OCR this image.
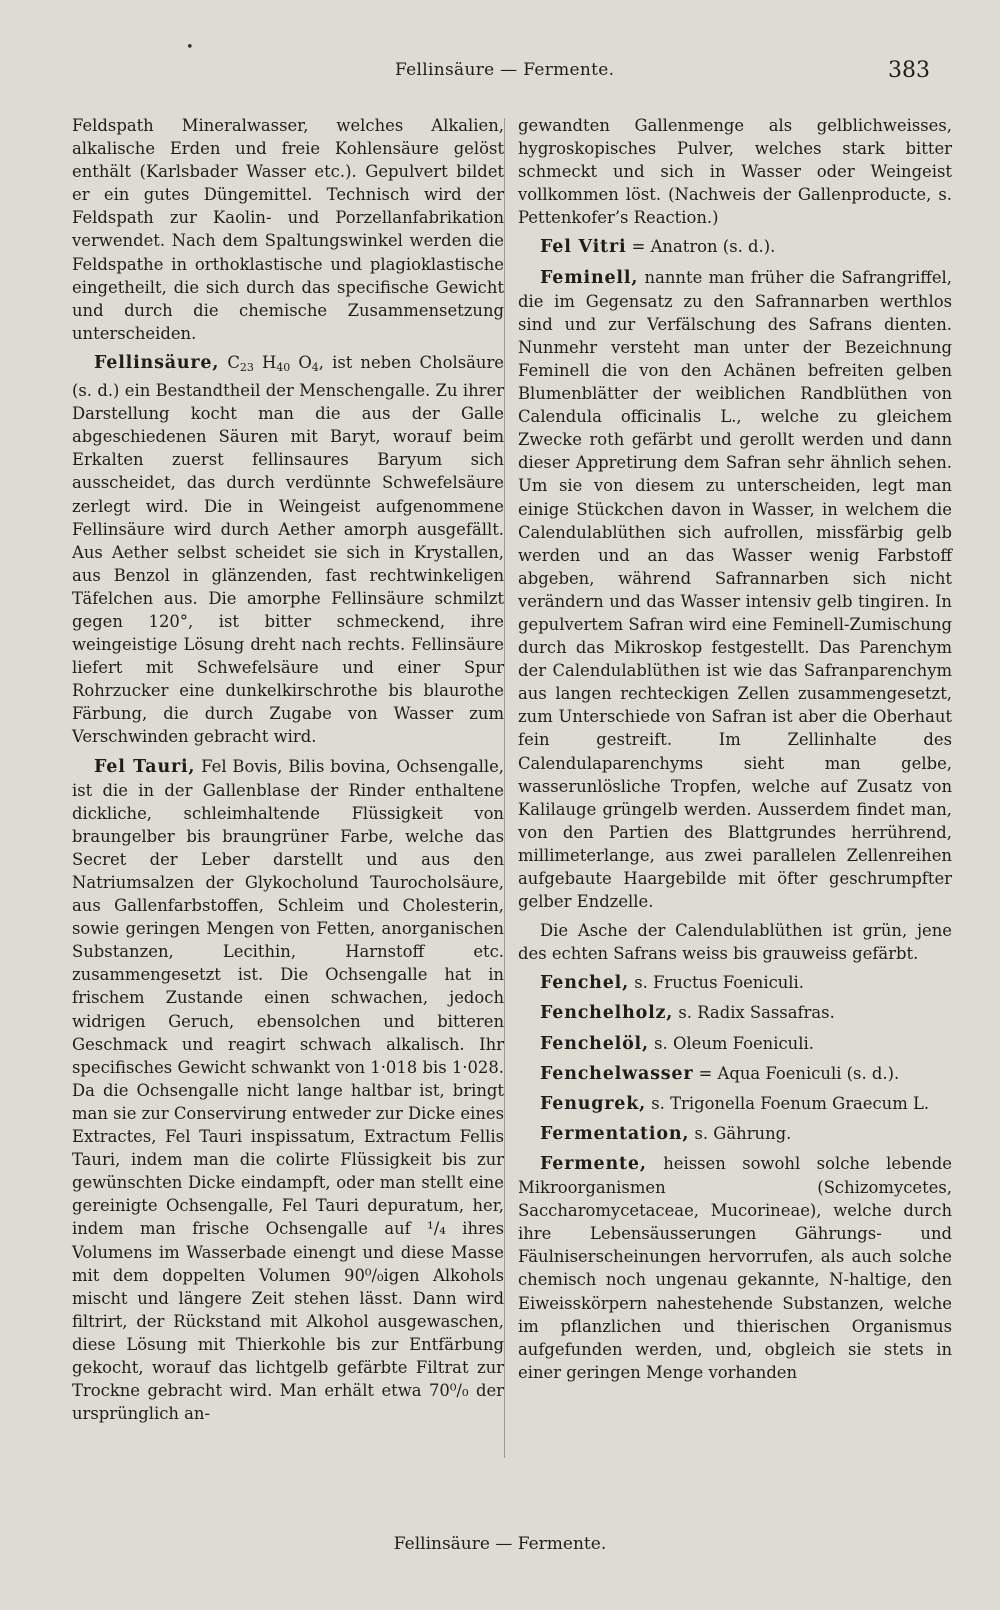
•
Fellinsäure — Fermente.	383

Feldspath Mineralwasser, welches Alkalien, alkalische Erden und freie Kohlensäure gelöst enthält (Karlsbader Wasser etc.). Gepulvert bildet er ein gutes Düngemittel. Technisch wird der Feldspath zur Kaolin- und Porzellanfabrikation verwendet. Nach dem Spaltungswinkel werden die Feldspathe in orthoklastische und plagioklastische eingetheilt, die sich durch das specifische Gewicht und durch die chemische Zusammensetzung unterscheiden.

Fellinsäure, $C_{23}$ $H_{40}$ $O_4$, ist neben Cholsäure (s. d.) ein Bestandtheil der Menschengalle. Zu ihrer Darstellung kocht man die aus der Galle abgeschiedenen Säuren mit Baryt, worauf beim Erkalten zuerst fellinsaures Baryum sich ausscheidet, das durch verdünnte Schwefelsäure zerlegt wird. Die in Weingeist aufgenommene Fellinsäure wird durch Aether amorph ausgefällt. Aus Aether selbst scheidet sie sich in Krystallen, aus Benzol in glänzenden, fast rechtwinkeligen Täfelchen aus. Die amorphe Fellinsäure schmilzt gegen 120°, ist bitter schmeckend, ihre weingeistige Lösung dreht nach rechts. Fellinsäure liefert mit Schwefelsäure und einer Spur Rohrzucker eine dunkelkirschrothe bis blaurothe Färbung, die durch Zugabe von Wasser zum Verschwinden gebracht wird.

Fel Tauri, Fel Bovis, Bilis bovina, Ochsengalle, ist die in der Gallenblase der Rinder enthaltene dickliche, schleimhaltende Flüssigkeit von braungelber bis braungrüner Farbe, welche das Secret der Leber darstellt und aus den Natriumsalzen der Glykocholund Taurocholsäure, aus Gallenfarbstoffen, Schleim und Cholesterin, sowie geringen Mengen von Fetten, anorganischen Substanzen, Lecithin, Harnstoff etc. zusammengesetzt ist. Die Ochsengalle hat in frischem Zustande einen schwachen, jedoch widrigen Geruch, ebensolchen und bitteren Geschmack und reagirt schwach alkalisch. Ihr specifisches Gewicht schwankt von 1·018 bis 1·028. Da die Ochsengalle nicht lange haltbar ist, bringt man sie zur Conservirung entweder zur Dicke eines Extractes, Fel Tauri inspissatum, Extractum Fellis Tauri, indem man die colirte Flüssigkeit bis zur gewünschten Dicke eindampft, oder man stellt eine gereinigte Ochsengalle, Fel Tauri depuratum, her, indem man frische Ochsengalle auf ¹/₄ ihres Volumens im Wasserbade einengt und diese Masse mit dem doppelten Volumen 90⁰/₀igen Alkohols mischt und längere Zeit stehen lässt. Dann wird filtrirt, der Rückstand mit Alkohol ausgewaschen, diese Lösung mit Thierkohle bis zur Entfärbung gekocht, worauf das lichtgelb gefärbte Filtrat zur Trockne gebracht wird. Man erhält etwa 70⁰/₀ der ursprünglich an-

gewandten Gallenmenge als gelblichweisses, hygroskopisches Pulver, welches stark bitter schmeckt und sich in Wasser oder Weingeist vollkommen löst. (Nachweis der Gallenproducte, s. Pettenkofer’s Reaction.)

Fel Vitri = Anatron (s. d.).

Feminell, nannte man früher die Safrangriffel, die im Gegensatz zu den Safrannarben werthlos sind und zur Verfälschung des Safrans dienten. Nunmehr versteht man unter der Bezeichnung Feminell die von den Achänen befreiten gelben Blumenblätter der weiblichen Randblüthen von Calendula officinalis L., welche zu gleichem Zwecke roth gefärbt und gerollt werden und dann dieser Appretirung dem Safran sehr ähnlich sehen. Um sie von diesem zu unterscheiden, legt man einige Stückchen davon in Wasser, in welchem die Calendulablüthen sich aufrollen, missfärbig gelb werden und an das Wasser wenig Farbstoff abgeben, während Safrannarben sich nicht verändern und das Wasser intensiv gelb tingiren. In gepulvertem Safran wird eine Feminell-Zumischung durch das Mikroskop festgestellt. Das Parenchym der Calendulablüthen ist wie das Safranparenchym aus langen rechteckigen Zellen zusammengesetzt, zum Unterschiede von Safran ist aber die Oberhaut fein gestreift. Im Zellinhalte des Calendulaparenchyms sieht man gelbe, wasserunlösliche Tropfen, welche auf Zusatz von Kalilauge grüngelb werden. Ausserdem findet man, von den Partien des Blattgrundes herrührend, millimeterlange, aus zwei parallelen Zellenreihen aufgebaute Haargebilde mit öfter geschrumpfter gelber Endzelle.

Die Asche der Calendulablüthen ist grün, jene des echten Safrans weiss bis grauweiss gefärbt.

Fenchel, s. Fructus Foeniculi.

Fenchelholz, s. Radix Sassafras.

Fenchelöl, s. Oleum Foeniculi.

Fenchelwasser = Aqua Foeniculi (s. d.).

Fenugrek, s. Trigonella Foenum Graecum L.

Fermentation, s. Gährung.

Fermente, heissen sowohl solche lebende Mikroorganismen (Schizomycetes, Saccharomycetaceae, Mucorineae), welche durch ihre Lebensäusserungen Gährungs- und Fäulniserscheinungen hervorrufen, als auch solche chemisch noch ungenau gekannte, N-haltige, den Eiweisskörpern nahestehende Substanzen, welche im pflanzlichen und thierischen Organismus aufgefunden werden, und, obgleich sie stets in einer geringen Menge vorhanden

Fellinsäure — Fermente.
